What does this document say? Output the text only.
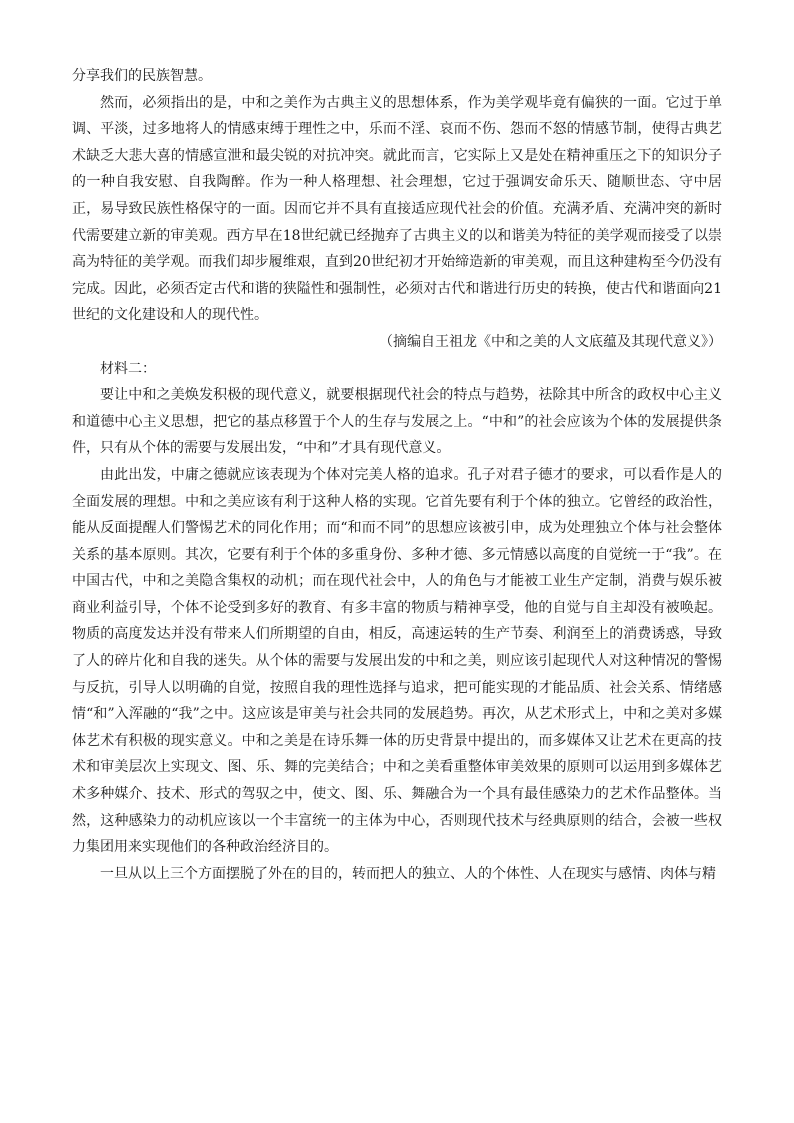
分享我们的民族智慧。

然而，必须指出的是，中和之美作为古典主义的思想体系，作为美学观毕竟有偏狭的一面。它过于单调、平淡，过多地将人的情感束缚于理性之中，乐而不淫、哀而不伤、怨而不怒的情感节制，使得古典艺术缺乏大悲大喜的情感宣泄和最尖锐的对抗冲突。就此而言，它实际上又是处在精神重压之下的知识分子的一种自我安慰、自我陶醉。作为一种人格理想、社会理想，它过于强调安命乐天、随顺世态、守中居正，易导致民族性格保守的一面。因而它并不具有直接适应现代社会的价值。充满矛盾、充满冲突的新时代需要建立新的审美观。西方早在18世纪就已经抛弃了古典主义的以和谐美为特征的美学观而接受了以崇高为特征的美学观。而我们却步履维艰，直到20世纪初才开始缔造新的审美观，而且这种建构至今仍没有完成。因此，必须否定古代和谐的狭隘性和强制性，必须对古代和谐进行历史的转换，使古代和谐面向21世纪的文化建设和人的现代性。

（摘编自王祖龙《中和之美的人文底蕴及其现代意义》）

材料二：

要让中和之美焕发积极的现代意义，就要根据现代社会的特点与趋势，祛除其中所含的政权中心主义和道德中心主义思想，把它的基点移置于个人的生存与发展之上。“中和”的社会应该为个体的发展提供条件，只有从个体的需要与发展出发，“中和”才具有现代意义。

由此出发，中庸之德就应该表现为个体对完美人格的追求。孔子对君子德才的要求，可以看作是人的全面发展的理想。中和之美应该有利于这种人格的实现。它首先要有利于个体的独立。它曾经的政治性，能从反面提醒人们警惕艺术的同化作用；而“和而不同”的思想应该被引申，成为处理独立个体与社会整体关系的基本原则。其次，它要有利于个体的多重身份、多种才德、多元情感以高度的自觉统一于“我”。在中国古代，中和之美隐含集权的动机；而在现代社会中，人的角色与才能被工业生产定制，消费与娱乐被商业利益引导，个体不论受到多好的教育、有多丰富的物质与精神享受，他的自觉与自主却没有被唤起。物质的高度发达并没有带来人们所期望的自由，相反，高速运转的生产节奏、利润至上的消费诱惑，导致了人的碎片化和自我的迷失。从个体的需要与发展出发的中和之美，则应该引起现代人对这种情况的警惕与反抗，引导人以明确的自觉，按照自我的理性选择与追求，把可能实现的才能品质、社会关系、情绪感情“和”入浑融的“我”之中。这应该是审美与社会共同的发展趋势。再次，从艺术形式上，中和之美对多媒体艺术有积极的现实意义。中和之美是在诗乐舞一体的历史背景中提出的，而多媒体又让艺术在更高的技术和审美层次上实现文、图、乐、舞的完美结合；中和之美看重整体审美效果的原则可以运用到多媒体艺术多种媒介、技术、形式的驾驭之中，使文、图、乐、舞融合为一个具有最佳感染力的艺术作品整体。当然，这种感染力的动机应该以一个丰富统一的主体为中心，否则现代技术与经典原则的结合，会被一些权力集团用来实现他们的各种政治经济目的。

一旦从以上三个方面摆脱了外在的目的，转而把人的独立、人的个体性、人在现实与感情、肉体与精
